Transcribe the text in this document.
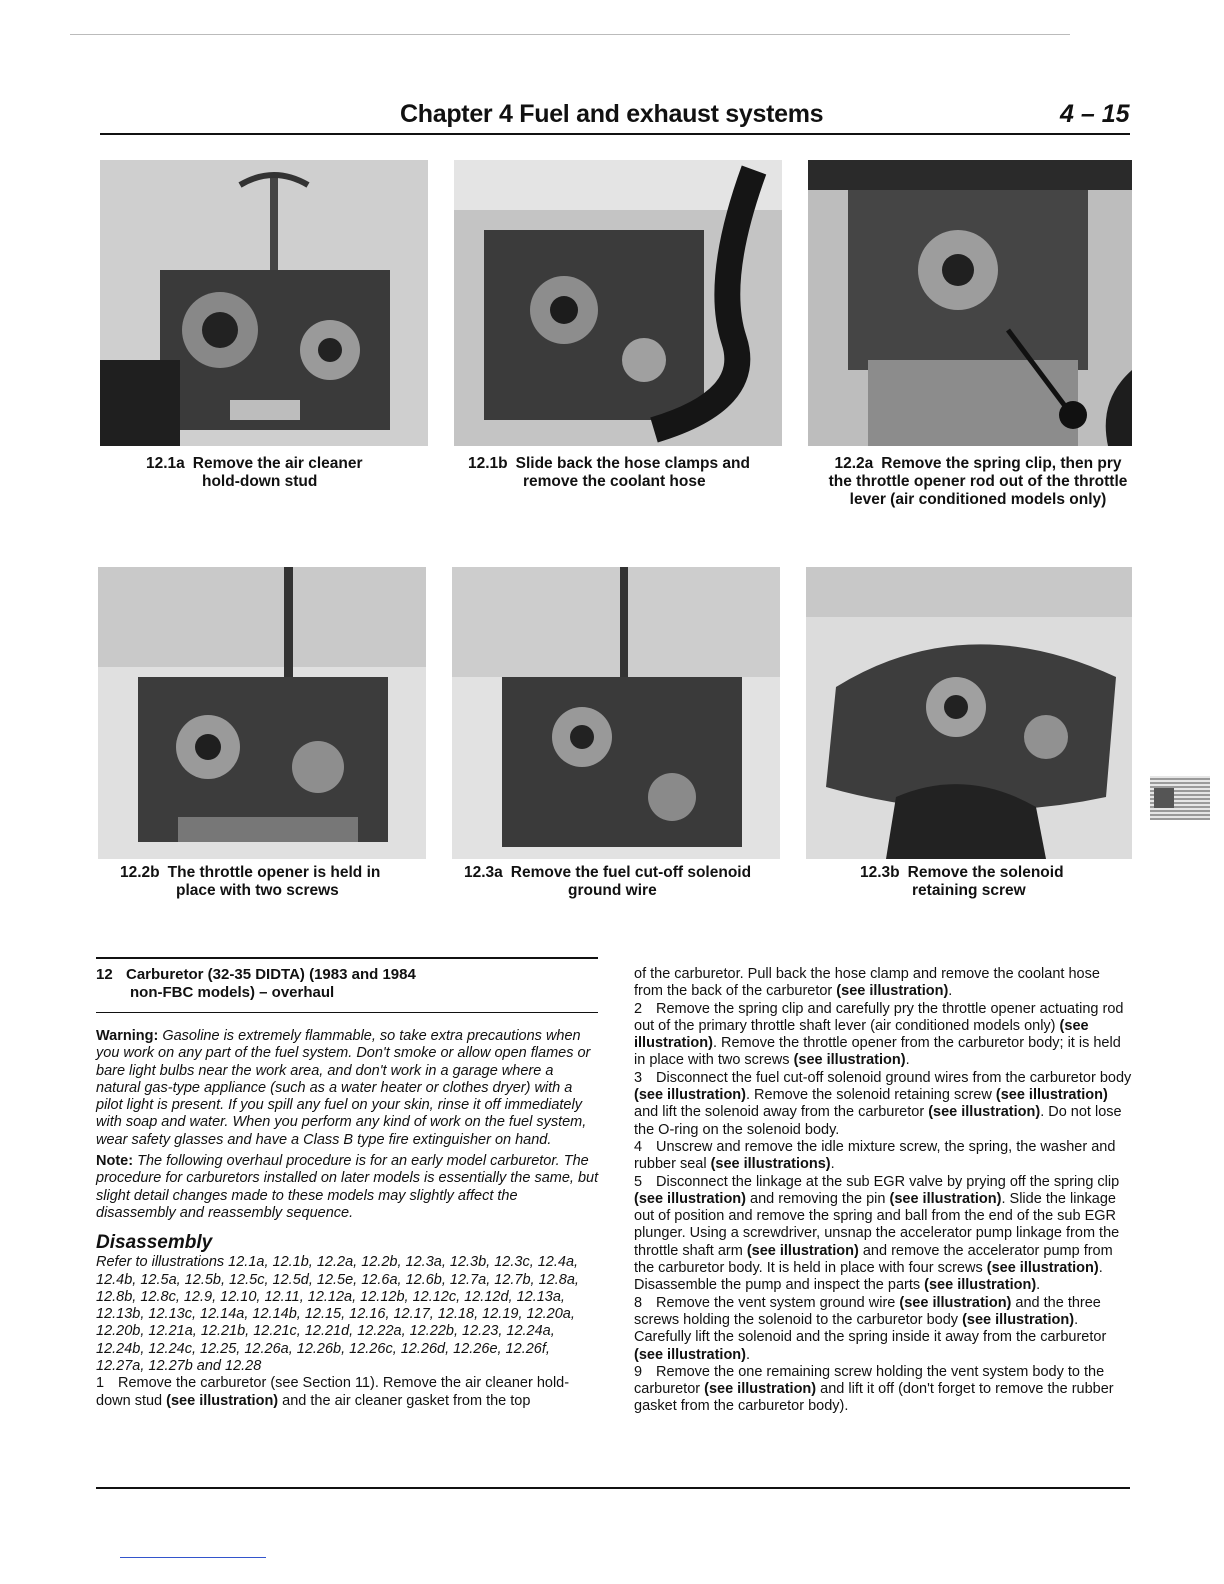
Chapter 4 Fuel and exhaust systems	4 – 15
12.1a Remove the air cleaner
hold-down stud
12.1b Slide back the hose clamps and
remove the coolant hose
12.2a Remove the spring clip, then pry
the throttle opener rod out of the throttle
lever (air conditioned models only)
12.2b The throttle opener is held in
place with two screws
12.3a Remove the fuel cut-off solenoid
ground wire
12.3b Remove the solenoid
retaining screw
12 Carburetor (32-35 DIDTA) (1983 and 1984
non-FBC models) – overhaul

Warning: Gasoline is extremely flammable, so take extra precautions when you work on any part of the fuel system. Don't smoke or allow open flames or bare light bulbs near the work area, and don't work in a garage where a natural gas-type appliance (such as a water heater or clothes dryer) with a pilot light is present. If you spill any fuel on your skin, rinse it off immediately with soap and water. When you perform any kind of work on the fuel system, wear safety glasses and have a Class B type fire extinguisher on hand.

Note: The following overhaul procedure is for an early model carburetor. The procedure for carburetors installed on later models is essentially the same, but slight detail changes made to these models may slightly affect the disassembly and reassembly sequence.

Disassembly

Refer to illustrations 12.1a, 12.1b, 12.2a, 12.2b, 12.3a, 12.3b, 12.3c, 12.4a, 12.4b, 12.5a, 12.5b, 12.5c, 12.5d, 12.5e, 12.6a, 12.6b, 12.7a, 12.7b, 12.8a, 12.8b, 12.8c, 12.9, 12.10, 12.11, 12.12a, 12.12b, 12.12c, 12.12d, 12.13a, 12.13b, 12.13c, 12.14a, 12.14b, 12.15, 12.16, 12.17, 12.18, 12.19, 12.20a, 12.20b, 12.21a, 12.21b, 12.21c, 12.21d, 12.22a, 12.22b, 12.23, 12.24a, 12.24b, 12.24c, 12.25, 12.26a, 12.26b, 12.26c, 12.26d, 12.26e, 12.26f, 12.27a, 12.27b and 12.28

1 Remove the carburetor (see Section 11). Remove the air cleaner hold-down stud (see illustration) and the air cleaner gasket from the top

of the carburetor. Pull back the hose clamp and remove the coolant hose from the back of the carburetor (see illustration).

2 Remove the spring clip and carefully pry the throttle opener actuating rod out of the primary throttle shaft lever (air conditioned models only) (see illustration). Remove the throttle opener from the carburetor body; it is held in place with two screws (see illustration).

3 Disconnect the fuel cut-off solenoid ground wires from the carburetor body (see illustration). Remove the solenoid retaining screw (see illustration) and lift the solenoid away from the carburetor (see illustration). Do not lose the O-ring on the solenoid body.

4 Unscrew and remove the idle mixture screw, the spring, the washer and rubber seal (see illustrations).

5 Disconnect the linkage at the sub EGR valve by prying off the spring clip (see illustration) and removing the pin (see illustration). Slide the linkage out of position and remove the spring and ball from the end of the sub EGR plunger. Using a screwdriver, unsnap the accelerator pump linkage from the throttle shaft arm (see illustration) and remove the accelerator pump from the carburetor body. It is held in place with four screws (see illustration). Disassemble the pump and inspect the parts (see illustration).

8 Remove the vent system ground wire (see illustration) and the three screws holding the solenoid to the carburetor body (see illustration). Carefully lift the solenoid and the spring inside it away from the carburetor (see illustration).

9 Remove the one remaining screw holding the vent system body to the carburetor (see illustration) and lift it off (don't forget to remove the rubber gasket from the carburetor body).
